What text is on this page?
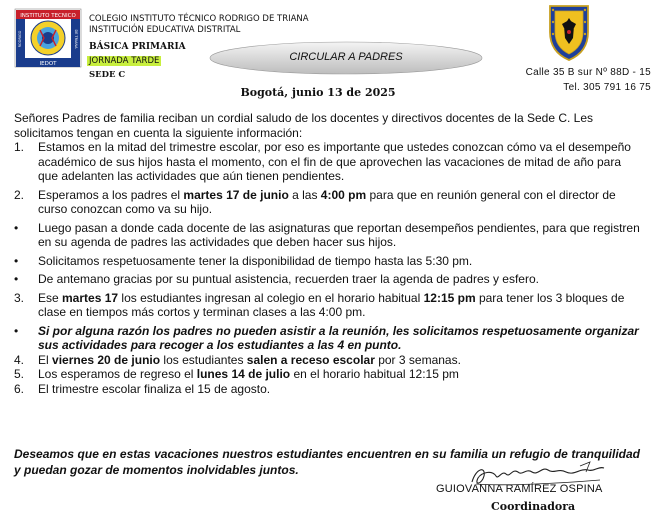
INSTITUTO TECNICO
RODRIGO	DE TRIANA
IEDOT
COLEGIO INSTITUTO TÉCNICO RODRIGO DE TRIANA
INSTITUCIÓN EDUCATIVA DISTRITAL
BÁSICA PRIMARIA
JORNADA TARDE
SEDE C
CIRCULAR A PADRES
Calle 35 B sur Nº 88D - 15
Tel. 305 791 16 75
Bogotá, junio 13 de 2025

Señores Padres de familia reciban un cordial saludo de los docentes y directivos docentes de la Sede C. Les solicitamos tengan en cuenta la siguiente información:

1.	Estamos en la mitad del trimestre escolar, por eso es importante que ustedes conozcan cómo va el desempeño académico de sus hijos hasta el momento, con el fin de que aprovechen las vacaciones de mitad de año para que adelanten las actividades que aún tienen pendientes.
2.	Esperamos a los padres el martes 17 de junio a las 4:00 pm para que en reunión general con el director de curso conozcan como va su hijo.
•	Luego pasan a donde cada docente de las asignaturas que reportan desempeños pendientes, para que registren en su agenda de padres las actividades que deben hacer sus hijos.
•	Solicitamos respetuosamente tener la disponibilidad de tiempo hasta las 5:30 pm.
•	De antemano gracias por su puntual asistencia, recuerden traer la agenda de padres y esfero.
3.	Ese martes 17 los estudiantes ingresan al colegio en el horario habitual 12:15 pm para tener los 3 bloques de clase en tiempos más cortos y terminan clases a las 4:00 pm.
•	Si por alguna razón los padres no pueden asistir a la reunión, les solicitamos respetuosamente organizar sus actividades para recoger a los estudiantes a las 4 en punto.
4.	El viernes 20 de junio los estudiantes salen a receso escolar por 3 semanas.
5.	Los esperamos de regreso el lunes 14 de julio en el horario habitual 12:15 pm
6.	El trimestre escolar finaliza el 15 de agosto.
Deseamos que en estas vacaciones nuestros estudiantes encuentren en su familia un refugio de tranquilidad y puedan gozar de momentos inolvidables juntos.
GUIOVANNA RAMÍREZ OSPINA
Coordinadora
